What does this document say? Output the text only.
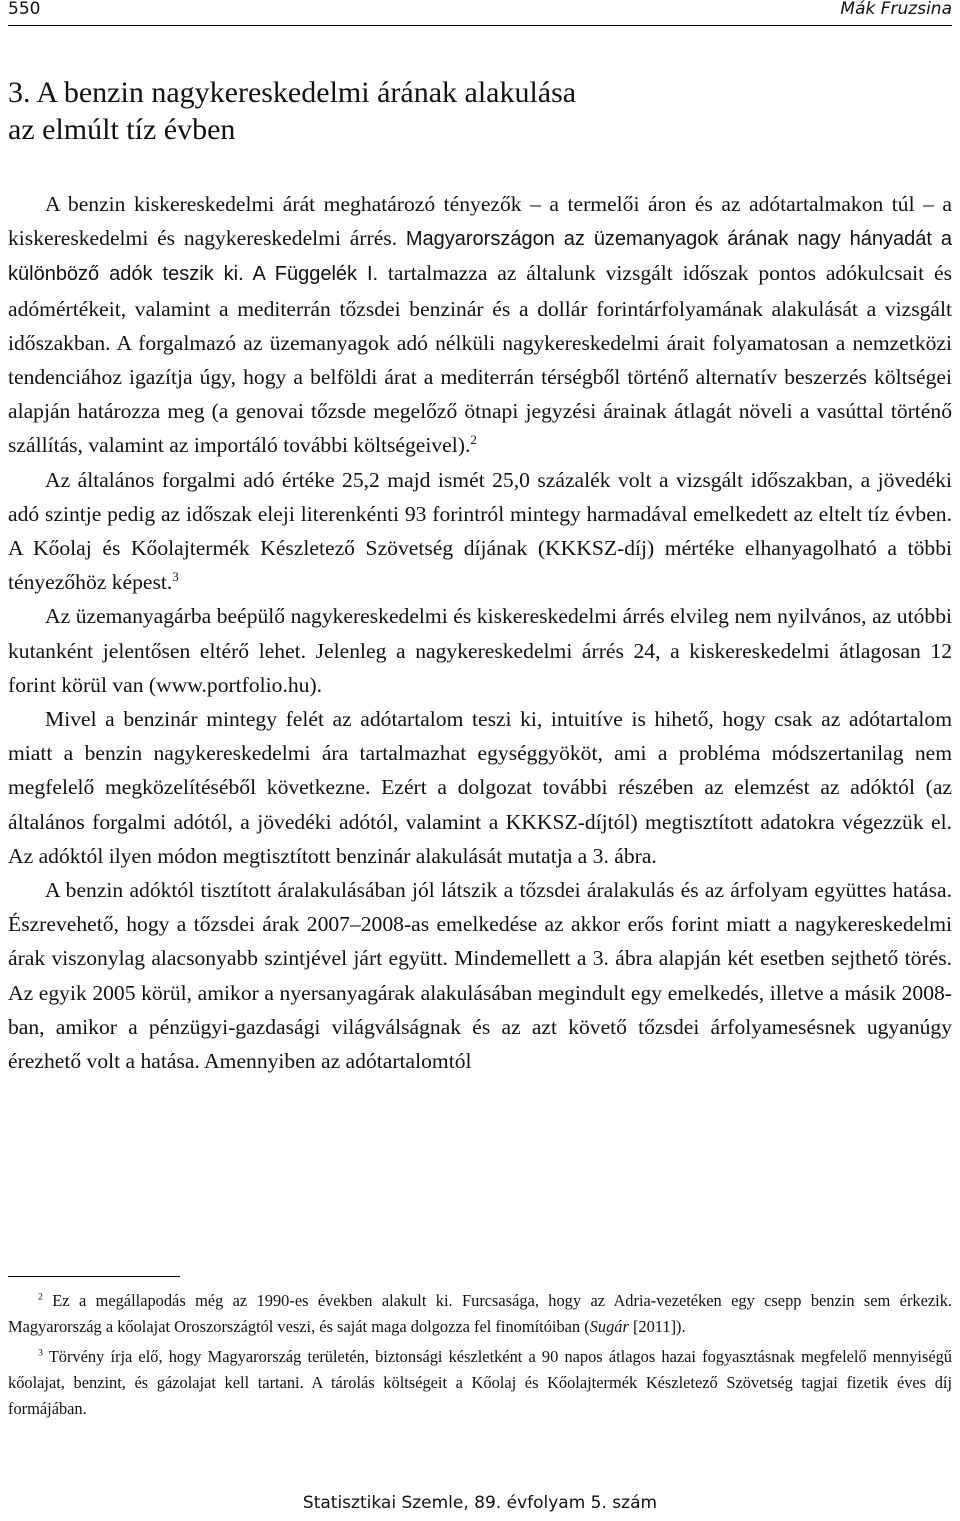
550	Mák Fruzsina
3. A benzin nagykereskedelmi árának alakulása
az elmúlt tíz évben

A benzin kiskereskedelmi árát meghatározó tényezők – a termelői áron és az adótartalmakon túl – a kiskereskedelmi és nagykereskedelmi árrés. Magyarországon az üzemanyagok árának nagy hányadát a különböző adók teszik ki. A Függelék I. tartalmazza az általunk vizsgált időszak pontos adókulcsait és adómértékeit, valamint a mediterrán tőzsdei benzinár és a dollár forintárfolyamának alakulását a vizsgált időszakban. A forgalmazó az üzemanyagok adó nélküli nagykereskedelmi árait folyamatosan a nemzetközi tendenciához igazítja úgy, hogy a belföldi árat a mediterrán térségből történő alternatív beszerzés költségei alapján határozza meg (a genovai tőzsde megelőző ötnapi jegyzési árainak átlagát növeli a vasúttal történő szállítás, valamint az importáló további költségeivel).$^2$

Az általános forgalmi adó értéke 25,2 majd ismét 25,0 százalék volt a vizsgált időszakban, a jövedéki adó szintje pedig az időszak eleji literenkénti 93 forintról mintegy harmadával emelkedett az eltelt tíz évben. A Kőolaj és Kőolajtermék Készletező Szövetség díjának (KKKSZ-díj) mértéke elhanyagolható a többi tényezőhöz képest.$^3$

Az üzemanyagárba beépülő nagykereskedelmi és kiskereskedelmi árrés elvileg nem nyilvános, az utóbbi kutanként jelentősen eltérő lehet. Jelenleg a nagykereskedelmi árrés 24, a kiskereskedelmi átlagosan 12 forint körül van (www.portfolio.hu).

Mivel a benzinár mintegy felét az adótartalom teszi ki, intuitíve is hihető, hogy csak az adótartalom miatt a benzin nagykereskedelmi ára tartalmazhat egységgyököt, ami a probléma módszertanilag nem megfelelő megközelítéséből következne. Ezért a dolgozat további részében az elemzést az adóktól (az általános forgalmi adótól, a jövedéki adótól, valamint a KKKSZ-díjtól) megtisztított adatokra végezzük el. Az adóktól ilyen módon megtisztított benzinár alakulását mutatja a 3. ábra.

A benzin adóktól tisztított áralakulásában jól látszik a tőzsdei áralakulás és az árfolyam együttes hatása. Észrevehető, hogy a tőzsdei árak 2007–2008-as emelkedése az akkor erős forint miatt a nagykereskedelmi árak viszonylag alacsonyabb szintjével járt együtt. Mindemellett a 3. ábra alapján két esetben sejthető törés. Az egyik 2005 körül, amikor a nyersanyagárak alakulásában megindult egy emelkedés, illetve a másik 2008-ban, amikor a pénzügyi-gazdasági világválságnak és az azt követő tőzsdei árfolyamesésnek ugyanúgy érezhető volt a hatása. Amennyiben az adótartalomtól

$^2$ Ez a megállapodás még az 1990-es években alakult ki. Furcsasága, hogy az Adria-vezetéken egy csepp benzin sem érkezik. Magyarország a kőolajat Oroszországtól veszi, és saját maga dolgozza fel finomítóiban (Sugár [2011]).

$^3$ Törvény írja elő, hogy Magyarország területén, biztonsági készletként a 90 napos átlagos hazai fogyasztásnak megfelelő mennyiségű kőolajat, benzint, és gázolajat kell tartani. A tárolás költségeit a Kőolaj és Kőolajtermék Készletező Szövetség tagjai fizetik éves díj formájában.

Statisztikai Szemle, 89. évfolyam 5. szám
